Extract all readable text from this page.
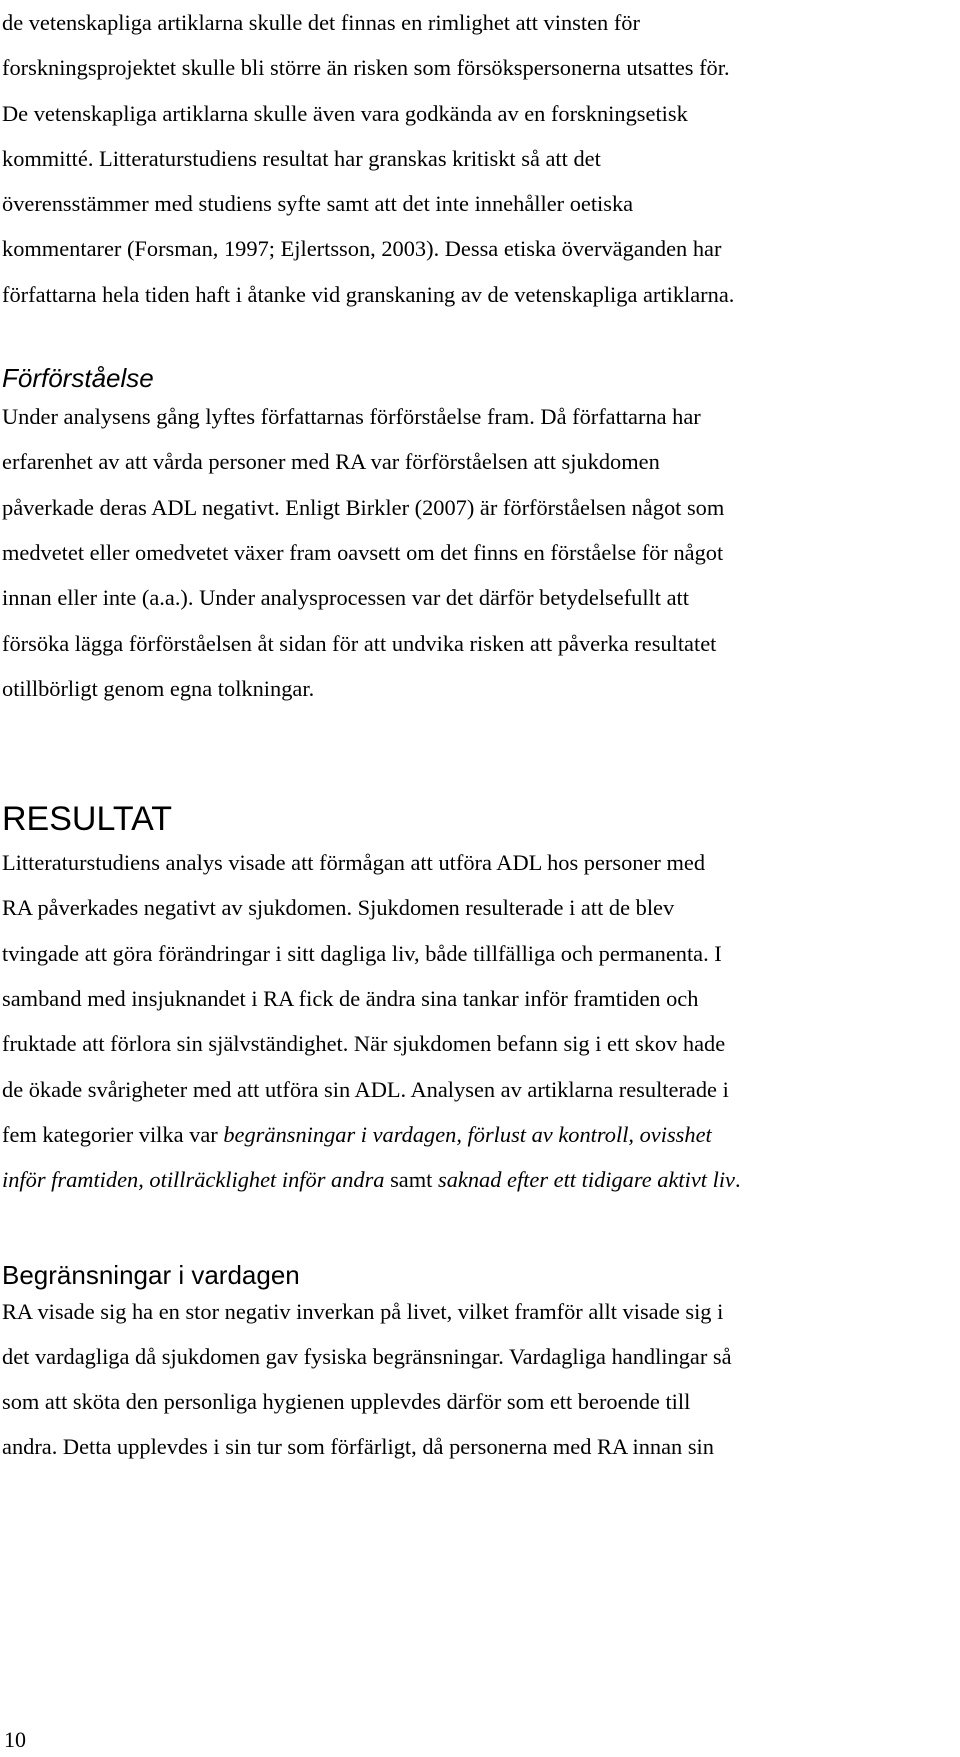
de vetenskapliga artiklarna skulle det finnas en rimlighet att vinsten för
forskningsprojektet skulle bli större än risken som försökspersonerna utsattes för.
De vetenskapliga artiklarna skulle även vara godkända av en forskningsetisk
kommitté. Litteraturstudiens resultat har granskas kritiskt så att det
överensstämmer med studiens syfte samt att det inte innehåller oetiska
kommentarer (Forsman, 1997; Ejlertsson, 2003). Dessa etiska överväganden har
författarna hela tiden haft i åtanke vid granskaning av de vetenskapliga artiklarna.

Förförståelse

Under analysens gång lyftes författarnas förförståelse fram. Då författarna har
erfarenhet av att vårda personer med RA var förförståelsen att sjukdomen
påverkade deras ADL negativt. Enligt Birkler (2007) är förförståelsen något som
medvetet eller omedvetet växer fram oavsett om det finns en förståelse för något
innan eller inte (a.a.). Under analysprocessen var det därför betydelsefullt att
försöka lägga förförståelsen åt sidan för att undvika risken att påverka resultatet
otillbörligt genom egna tolkningar.

RESULTAT

Litteraturstudiens analys visade att förmågan att utföra ADL hos personer med
RA påverkades negativt av sjukdomen. Sjukdomen resulterade i att de blev
tvingade att göra förändringar i sitt dagliga liv, både tillfälliga och permanenta. I
samband med insjuknandet i RA fick de ändra sina tankar inför framtiden och
fruktade att förlora sin självständighet. När sjukdomen befann sig i ett skov hade
de ökade svårigheter med att utföra sin ADL. Analysen av artiklarna resulterade i
fem kategorier vilka var begränsningar i vardagen, förlust av kontroll, ovisshet
inför framtiden, otillräcklighet inför andra samt saknad efter ett tidigare aktivt liv.

Begränsningar i vardagen

RA visade sig ha en stor negativ inverkan på livet, vilket framför allt visade sig i
det vardagliga då sjukdomen gav fysiska begränsningar. Vardagliga handlingar så
som att sköta den personliga hygienen upplevdes därför som ett beroende till
andra. Detta upplevdes i sin tur som förfärligt, då personerna med RA innan sin

10
